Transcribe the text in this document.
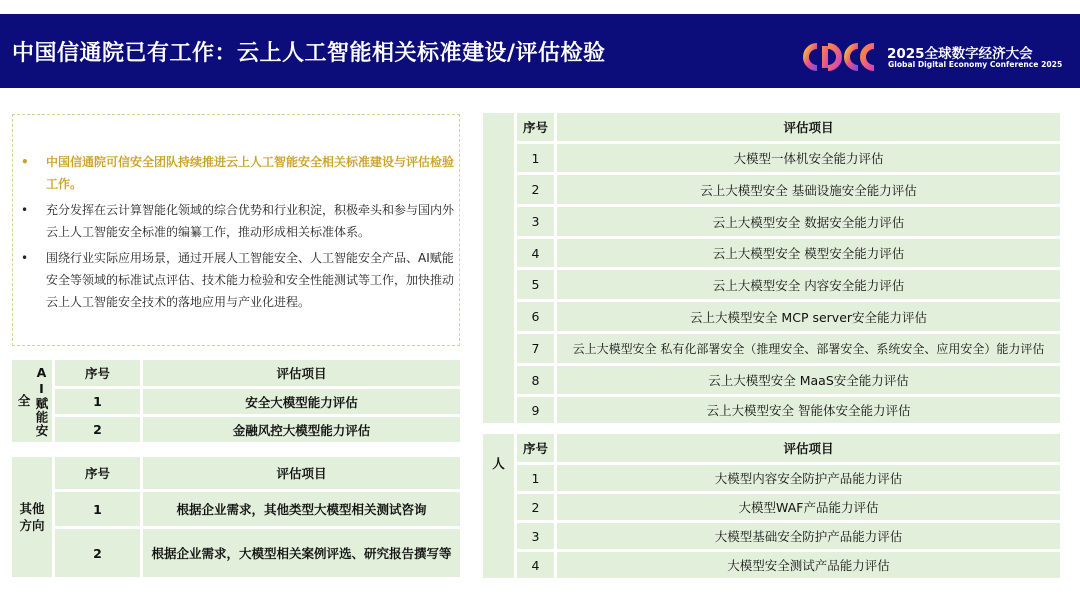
中国信通院已有工作：云上人工智能相关标准建设/评估检验	2025全球数字经济大会
Global Digital Economy Conference 2025
• 中国信通院可信安全团队持续推进云上人工智能安全相关标准建设与评估检验工作。
• 充分发挥在云计算智能化领域的综合优势和行业积淀，积极牵头和参与国内外云上人工智能安全标准的编纂工作，推动形成相关标准体系。
• 围绕行业实际应用场景，通过开展人工智能安全、人工智能安全产品、AI赋能安全等领域的标准试点评估、技术能力检验和安全性能测试等工作，加快推动云上人工智能安全技术的落地应用与产业化进程。
AI赋能安全
序号	评估项目
1	安全大模型能力评估
2	金融风控大模型能力评估
其他方向
序号	评估项目
1	根据企业需求，其他类型大模型相关测试咨询
2	根据企业需求，大模型相关案例评选、研究报告撰写等
序号	评估项目
1	大模型一体机安全能力评估
2	云上大模型安全 基础设施安全能力评估
3	云上大模型安全 数据安全能力评估
4	云上大模型安全 模型安全能力评估
5	云上大模型安全 内容安全能力评估
6	云上大模型安全 MCP server安全能力评估
7	云上大模型安全 私有化部署安全（推理安全、部署安全、系统安全、应用安全）能力评估
8	云上大模型安全 MaaS安全能力评估
9	云上大模型安全 智能体安全能力评估
人
序号	评估项目
1	大模型内容安全防护产品能力评估
2	大模型WAF产品能力评估
3	大模型基础安全防护产品能力评估
4	大模型安全测试产品能力评估
